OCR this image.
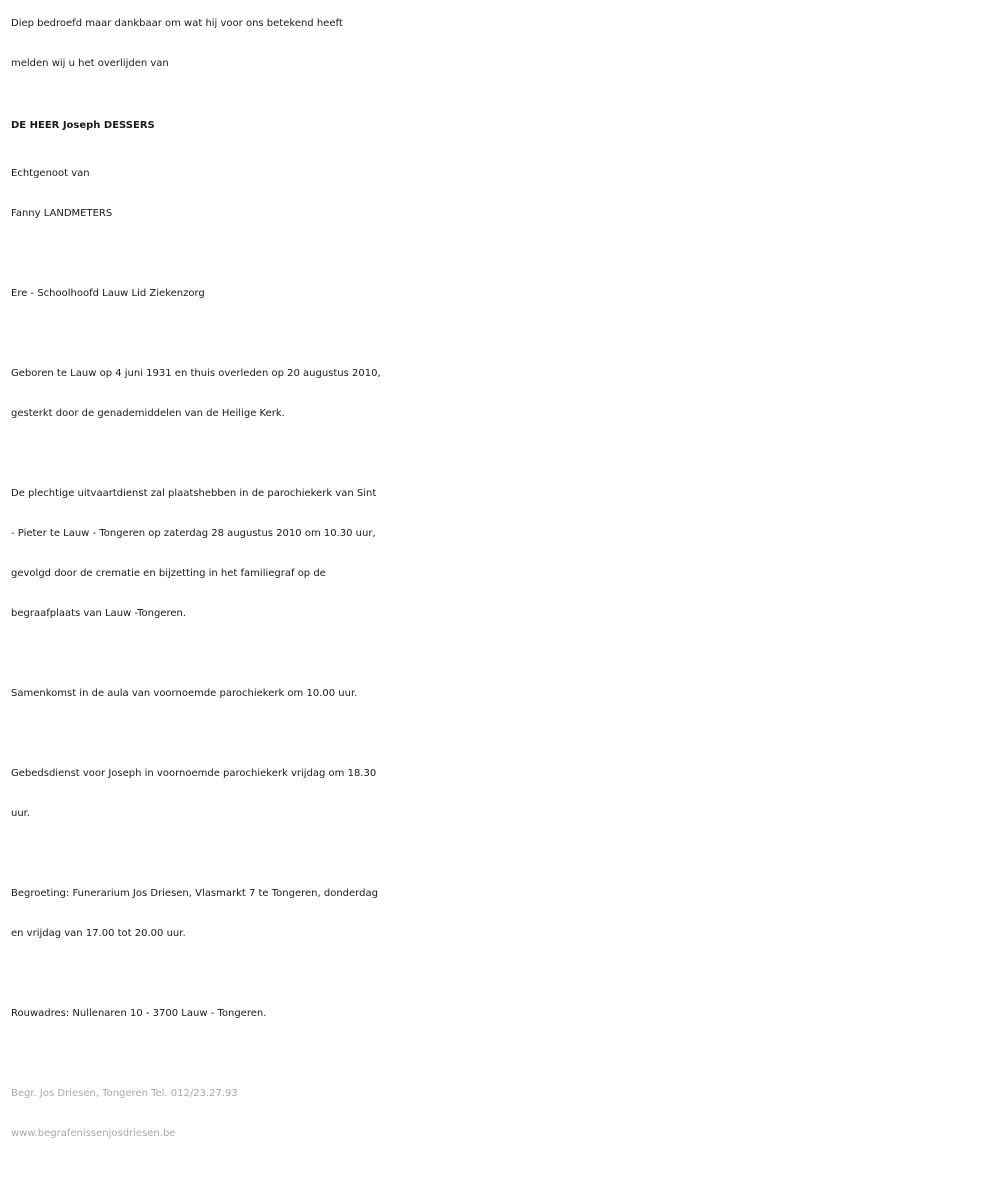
Diep bedroefd maar dankbaar om wat hij voor ons betekend heeft

melden wij u het overlijden van

DE HEER Joseph DESSERS

Echtgenoot van

Fanny LANDMETERS

Ere - Schoolhoofd Lauw Lid Ziekenzorg

Geboren te Lauw op 4 juni 1931 en thuis overleden op 20 augustus 2010,

gesterkt door de genademiddelen van de Heilige Kerk.

De plechtige uitvaartdienst zal plaatshebben in de parochiekerk van Sint

- Pieter te Lauw - Tongeren op zaterdag 28 augustus 2010 om 10.30 uur,

gevolgd door de crematie en bijzetting in het familiegraf op de

begraafplaats van Lauw -Tongeren.

Samenkomst in de aula van voornoemde parochiekerk om 10.00 uur.

Gebedsdienst voor Joseph in voornoemde parochiekerk vrijdag om 18.30

uur.

Begroeting: Funerarium Jos Driesen, Vlasmarkt 7 te Tongeren, donderdag

en vrijdag van 17.00 tot 20.00 uur.

Rouwadres: Nullenaren 10 - 3700 Lauw - Tongeren.

Begr. Jos Driesen, Tongeren Tel. 012/23.27.93

www.begrafenissenjosdriesen.be
